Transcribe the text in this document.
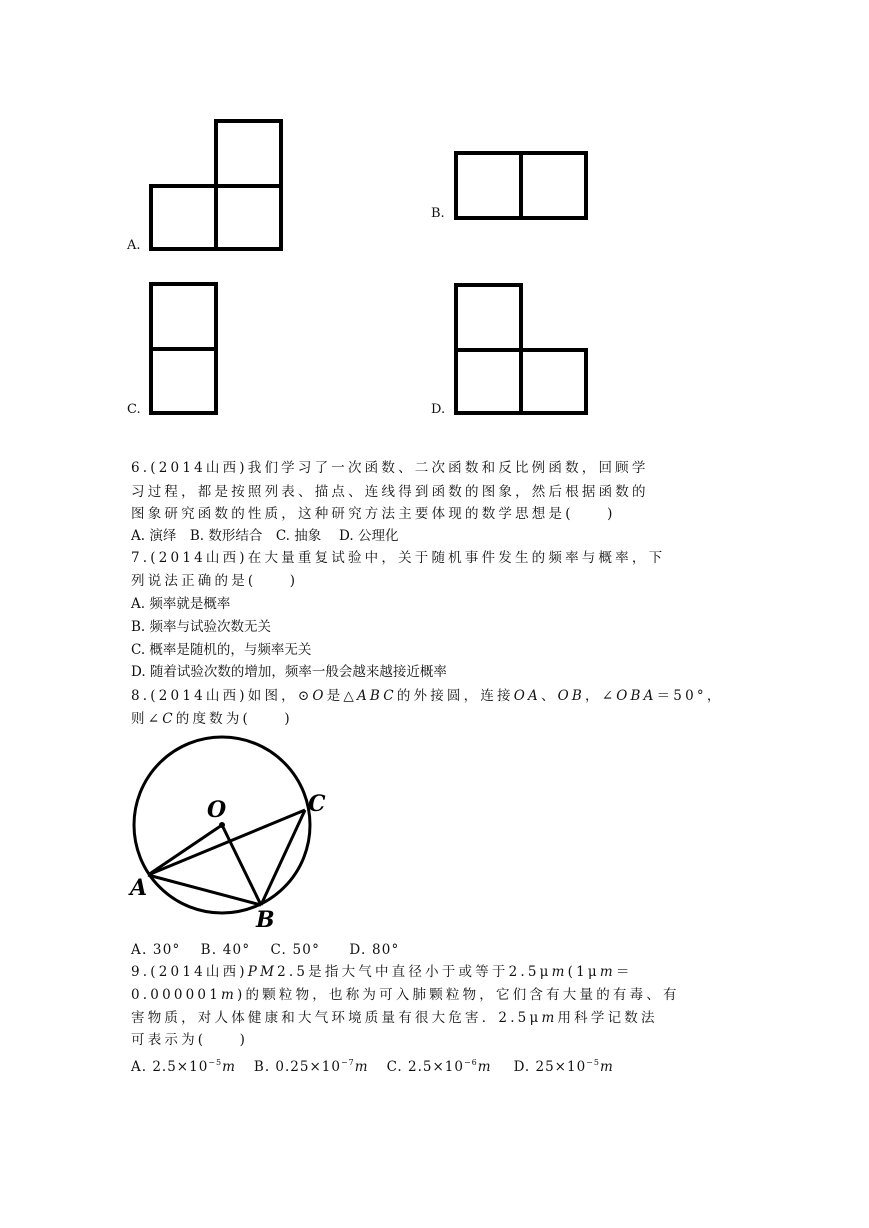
A.
B.
C.	D.
6.(2014山西)我们学习了一次函数、二次函数和反比例函数，回顾学
习过程，都是按照列表、描点、连线得到函数的图象，然后根据函数的
图象研究函数的性质，这种研究方法主要体现的数学思想是(　　)
A. 演绎　B. 数形结合　C. 抽象　 D. 公理化
7.(2014山西)在大量重复试验中，关于随机事件发生的频率与概率，下
列说法正确的是(　　)
A. 频率就是概率
B. 频率与试验次数无关
C. 概率是随机的，与频率无关
D. 随着试验次数的增加，频率一般会越来越接近概率
8.(2014山西)如图，⊙O是△ABC的外接圆，连接OA、OB，∠OBA＝50°，
则∠C的度数为(　　)
O
A
B
C
A. 30°　 B. 40°　 C. 50°　　D. 80°
9.(2014山西)PM2.5是指大气中直径小于或等于2.5μm(1μm＝
0.000001m)的颗粒物，也称为可入肺颗粒物，它们含有大量的有毒、有
害物质，对人体健康和大气环境质量有很大危害．2.5μm用科学记数法
可表示为(　　)
A. $2.5\times 10^{-5}m$ B. $0.25\times 10^{-7}m$ C. $2.5\times 10^{-6}m$ D. $25\times 10^{-5}m$
